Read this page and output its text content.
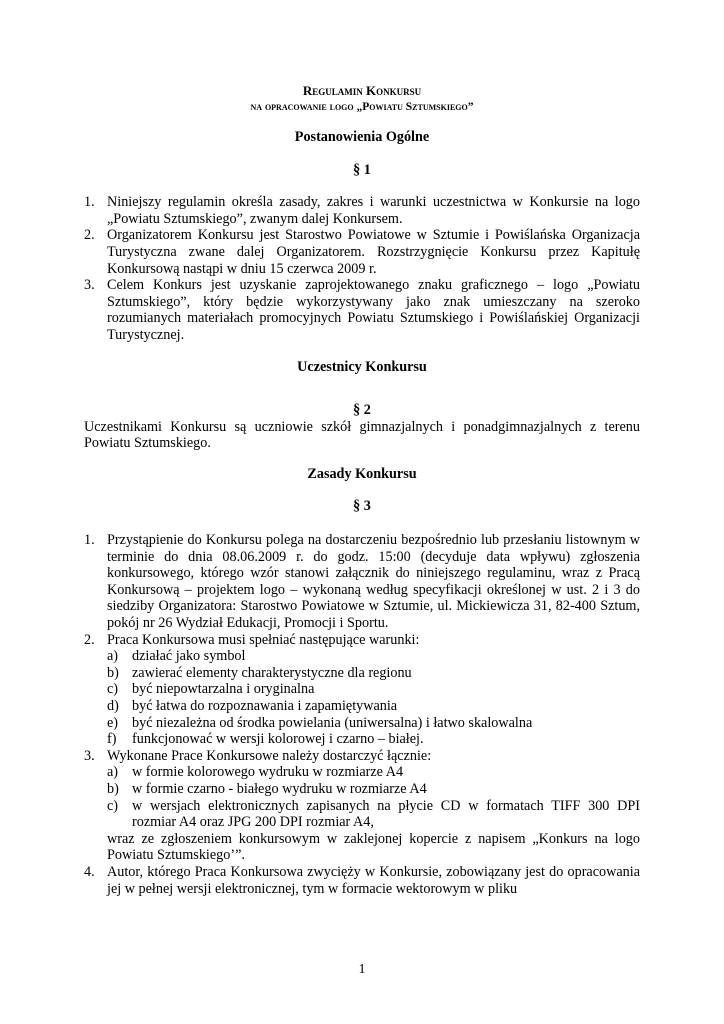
Regulamin Konkursu
na opracowanie logo „Powiatu Sztumskiego”
Postanowienia Ogólne
§ 1
1. Niniejszy regulamin określa zasady, zakres i warunki uczestnictwa w Konkursie na logo „Powiatu Sztumskiego”, zwanym dalej Konkursem.
2. Organizatorem Konkursu jest Starostwo Powiatowe w Sztumie i Powiślańska Organizacja Turystyczna zwane dalej Organizatorem. Rozstrzygnięcie Konkursu przez Kapitułę Konkursową nastąpi w dniu 15 czerwca 2009 r.
3. Celem Konkurs jest uzyskanie zaprojektowanego znaku graficznego – logo „Powiatu Sztumskiego”, który będzie wykorzystywany jako znak umieszczany na szeroko rozumianych materiałach promocyjnych Powiatu Sztumskiego i Powiślańskiej Organizacji Turystycznej.
Uczestnicy Konkursu
§ 2

Uczestnikami Konkursu są uczniowie szkół gimnazjalnych i ponadgimnazjalnych z terenu Powiatu Sztumskiego.

Zasady Konkursu
§ 3
1. Przystąpienie do Konkursu polega na dostarczeniu bezpośrednio lub przesłaniu listownym w terminie do dnia 08.06.2009 r. do godz. 15:00 (decyduje data wpływu) zgłoszenia konkursowego, którego wzór stanowi załącznik do niniejszego regulaminu, wraz z Pracą Konkursową – projektem logo – wykonaną według specyfikacji określonej w ust. 2 i 3 do siedziby Organizatora: Starostwo Powiatowe w Sztumie, ul. Mickiewicza 31, 82-400 Sztum, pokój nr 26 Wydział Edukacji, Promocji i Sportu.
2. Praca Konkursowa musi spełniać następujące warunki:
a) działać jako symbol
b) zawierać elementy charakterystyczne dla regionu
c) być niepowtarzalna i oryginalna
d) być łatwa do rozpoznawania i zapamiętywania
e) być niezależna od środka powielania (uniwersalna) i łatwo skalowalna
f) funkcjonować w wersji kolorowej i czarno – białej.
3. Wykonane Prace Konkursowe należy dostarczyć łącznie:
a) w formie kolorowego wydruku w rozmiarze A4
b) w formie czarno - białego wydruku w rozmiarze A4
c) w wersjach elektronicznych zapisanych na płycie CD w formatach TIFF 300 DPI rozmiar A4 oraz JPG 200 DPI rozmiar A4,
wraz ze zgłoszeniem konkursowym w zaklejonej kopercie z napisem „Konkurs na logo Powiatu Sztumskiego’”.
4. Autor, którego Praca Konkursowa zwycięży w Konkursie, zobowiązany jest do opracowania jej w pełnej wersji elektronicznej, tym w formacie wektorowym w pliku
1
